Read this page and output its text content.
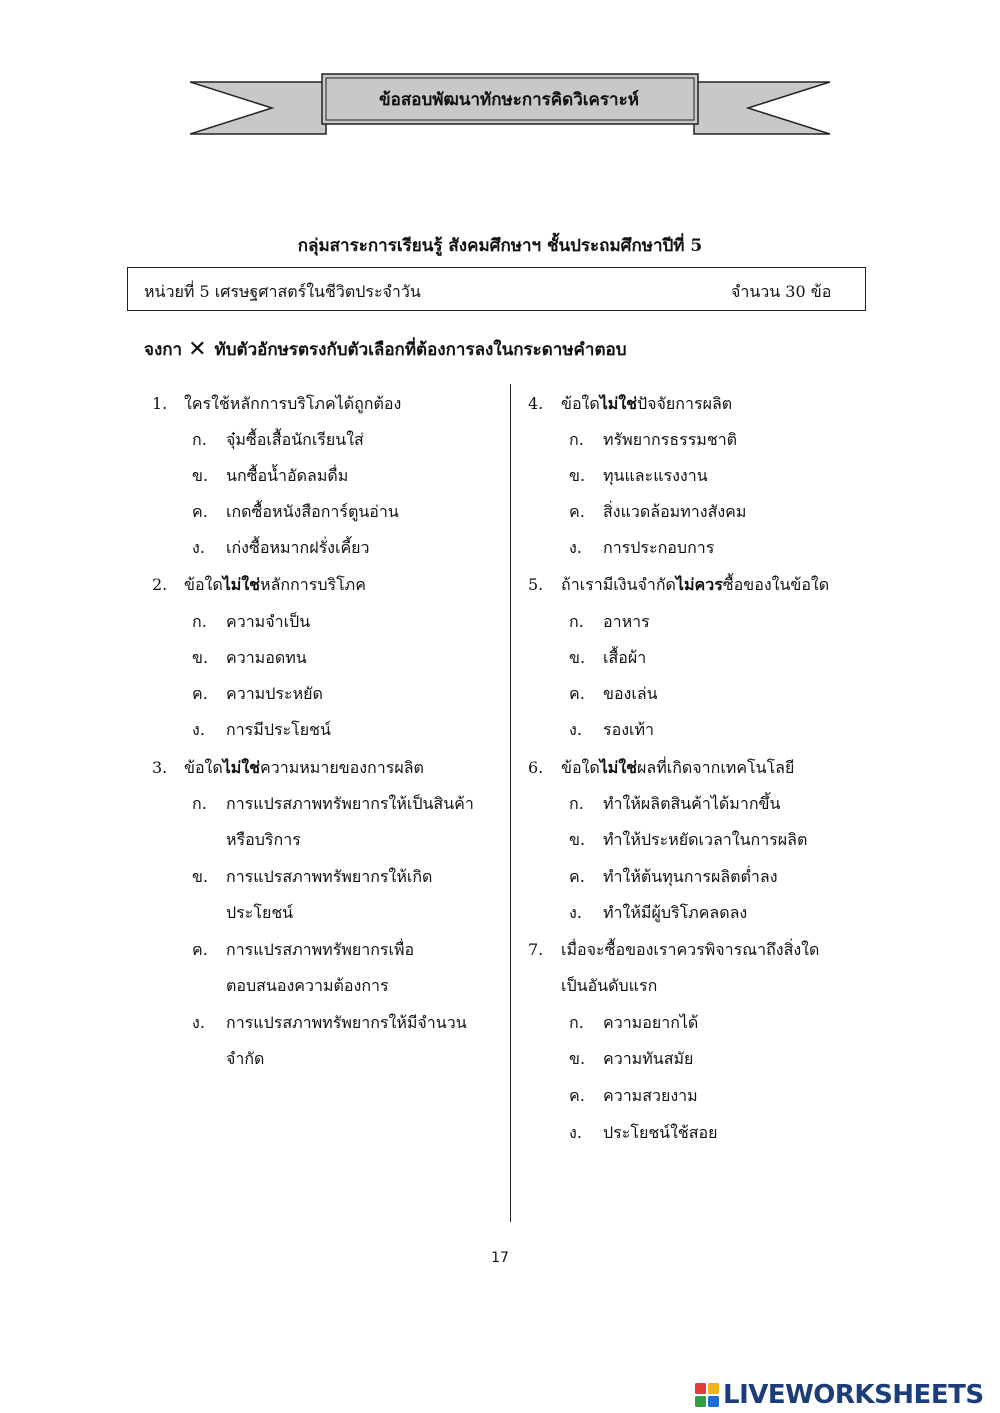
ข้อสอบพัฒนาทักษะการคิดวิเคราะห์
กลุ่มสาระการเรียนรู้ สังคมศึกษาฯ ชั้นประถมศึกษาปีที่ 5
หน่วยที่ 5 เศรษฐศาสตร์ในชีวิตประจำวัน	จำนวน 30 ข้อ
จงกา ✕ ทับตัวอักษรตรงกับตัวเลือกที่ต้องการลงในกระดาษคำตอบ
1. ใครใช้หลักการบริโภคได้ถูกต้อง
ก. จุ๋มซื้อเสื้อนักเรียนใส่
ข. นกซื้อน้ำอัดลมดื่ม
ค. เกดซื้อหนังสือการ์ตูนอ่าน
ง. เก่งซื้อหมากฝรั่งเคี้ยว
2. ข้อใดไม่ใช่หลักการบริโภค
ก. ความจำเป็น
ข. ความอดทน
ค. ความประหยัด
ง. การมีประโยชน์
3. ข้อใดไม่ใช่ความหมายของการผลิต
ก. การแปรสภาพทรัพยากรให้เป็นสินค้า
หรือบริการ
ข. การแปรสภาพทรัพยากรให้เกิด
ประโยชน์
ค. การแปรสภาพทรัพยากรเพื่อ
ตอบสนองความต้องการ
ง. การแปรสภาพทรัพยากรให้มีจำนวน
จำกัด
4. ข้อใดไม่ใช่ปัจจัยการผลิต
ก. ทรัพยากรธรรมชาติ
ข. ทุนและแรงงาน
ค. สิ่งแวดล้อมทางสังคม
ง. การประกอบการ
5. ถ้าเรามีเงินจำกัดไม่ควรซื้อของในข้อใด
ก. อาหาร
ข. เสื้อผ้า
ค. ของเล่น
ง. รองเท้า
6. ข้อใดไม่ใช่ผลที่เกิดจากเทคโนโลยี
ก. ทำให้ผลิตสินค้าได้มากขึ้น
ข. ทำให้ประหยัดเวลาในการผลิต
ค. ทำให้ต้นทุนการผลิตต่ำลง
ง. ทำให้มีผู้บริโภคลดลง
7. เมื่อจะซื้อของเราควรพิจารณาถึงสิ่งใด
เป็นอันดับแรก
ก. ความอยากได้
ข. ความทันสมัย
ค. ความสวยงาม
ง. ประโยชน์ใช้สอย
17
LIVEWORKSHEETS
